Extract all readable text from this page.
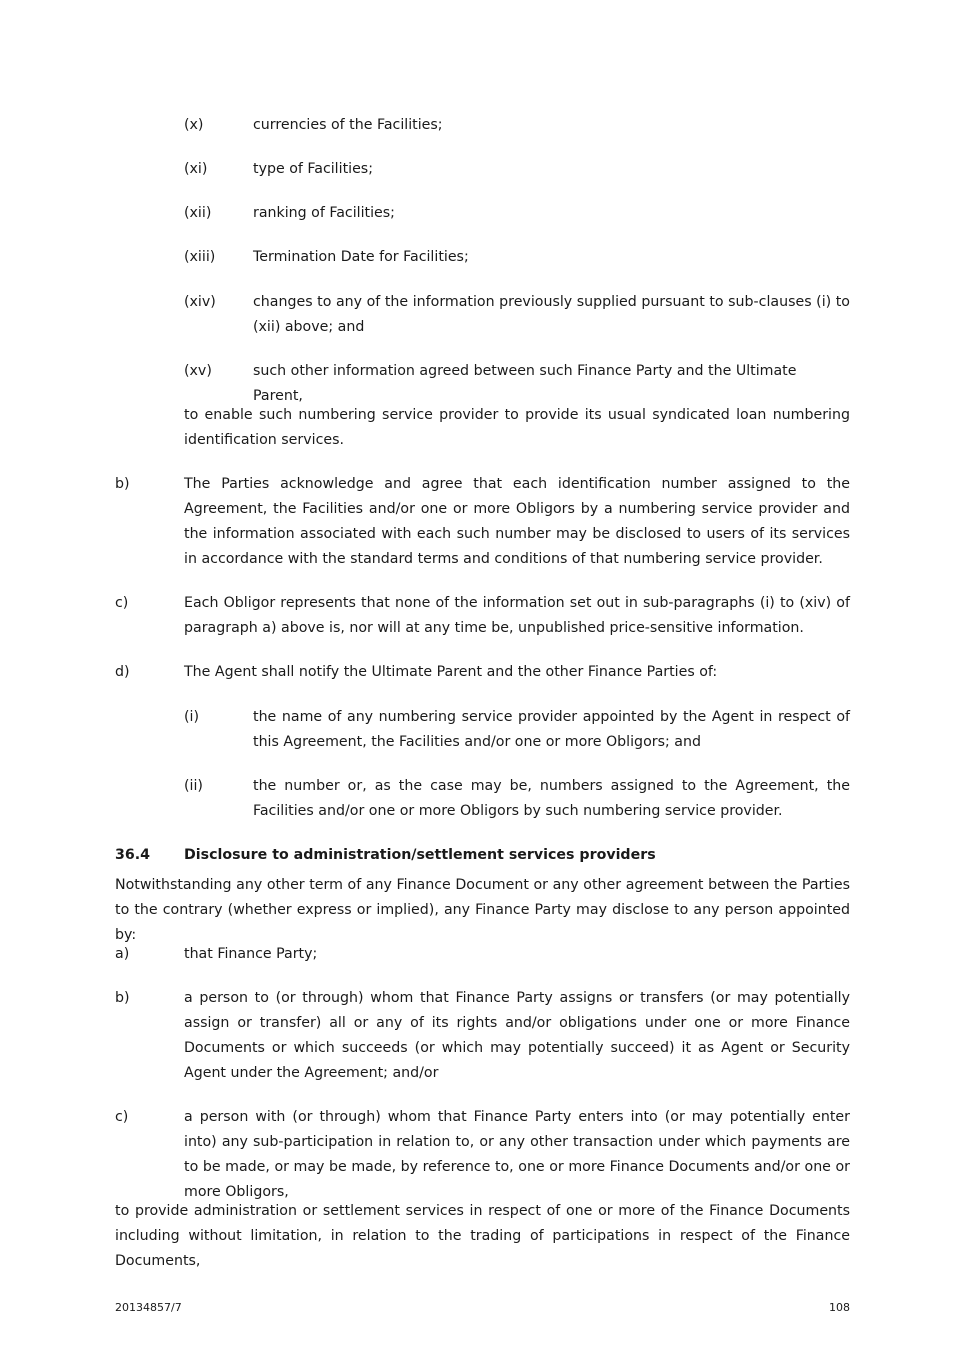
(x)	currencies of the Facilities;
(xi)	type of Facilities;
(xii)	ranking of Facilities;
(xiii)	Termination Date for Facilities;
(xiv)	changes to any of the information previously supplied pursuant to sub-clauses (i) to (xii) above; and
(xv)	such other information agreed between such Finance Party and the Ultimate Parent,
to enable such numbering service provider to provide its usual syndicated loan numbering identification services.
b)	The Parties acknowledge and agree that each identification number assigned to the Agreement, the Facilities and/or one or more Obligors by a numbering service provider and the information associated with each such number may be disclosed to users of its services in accordance with the standard terms and conditions of that numbering service provider.
c)	Each Obligor represents that none of the information set out in sub-paragraphs (i) to (xiv) of paragraph a) above is, nor will at any time be, unpublished price-sensitive information.
d)	The Agent shall notify the Ultimate Parent and the other Finance Parties of:
(i)	the name of any numbering service provider appointed by the Agent in respect of this Agreement, the Facilities and/or one or more Obligors; and
(ii)	the number or, as the case may be, numbers assigned to the Agreement, the Facilities and/or one or more Obligors by such numbering service provider.
36.4 Disclosure to administration/settlement services providers
Notwithstanding any other term of any Finance Document or any other agreement between the Parties to the contrary (whether express or implied), any Finance Party may disclose to any person appointed by:
a)	that Finance Party;
b)	a person to (or through) whom that Finance Party assigns or transfers (or may potentially assign or transfer) all or any of its rights and/or obligations under one or more Finance Documents or which succeeds (or which may potentially succeed) it as Agent or Security Agent under the Agreement; and/or
c)	a person with (or through) whom that Finance Party enters into (or may potentially enter into) any sub-participation in relation to, or any other transaction under which payments are to be made, or may be made, by reference to, one or more Finance Documents and/or one or more Obligors,
to provide administration or settlement services in respect of one or more of the Finance Documents including without limitation, in relation to the trading of participations in respect of the Finance Documents,
20134857/7	108
